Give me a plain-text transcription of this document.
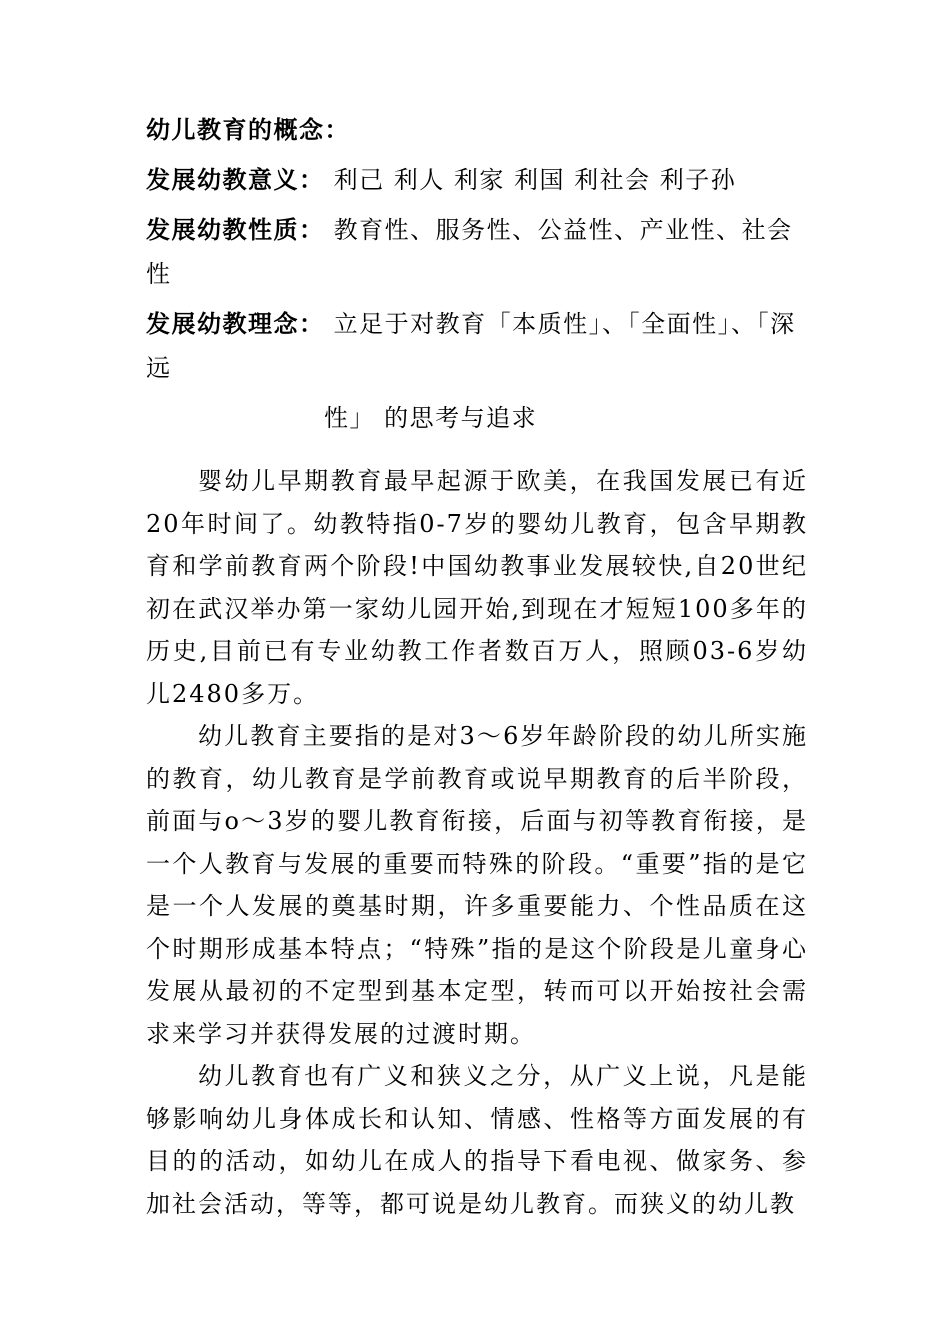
幼儿教育的概念：

发展幼教意义： 利己 利人 利家 利国 利社会 利子孙

发展幼教性质： 教育性、服务性、公益性、产业性、社会性

发展幼教理念： 立足于对教育「本质性」、「全面性」、「深远

性」 的思考与追求

婴幼儿早期教育最早起源于欧美，在我国发展已有近20年时间了。幼教特指0-7岁的婴幼儿教育，包含早期教育和学前教育两个阶段!中国幼教事业发展较快,自20世纪初在武汉举办第一家幼儿园开始,到现在才短短100多年的历史,目前已有专业幼教工作者数百万人，照顾03-6岁幼儿2480多万。

幼儿教育主要指的是对3～6岁年龄阶段的幼儿所实施的教育，幼儿教育是学前教育或说早期教育的后半阶段，前面与o～3岁的婴儿教育衔接，后面与初等教育衔接，是一个人教育与发展的重要而特殊的阶段。“重要”指的是它是一个人发展的奠基时期，许多重要能力、个性品质在这个时期形成基本特点；“特殊”指的是这个阶段是儿童身心发展从最初的不定型到基本定型，转而可以开始按社会需求来学习并获得发展的过渡时期。

幼儿教育也有广义和狭义之分，从广义上说，凡是能够影响幼儿身体成长和认知、情感、性格等方面发展的有目的的活动，如幼儿在成人的指导下看电视、做家务、参加社会活动，等等，都可说是幼儿教育。而狭义的幼儿教
